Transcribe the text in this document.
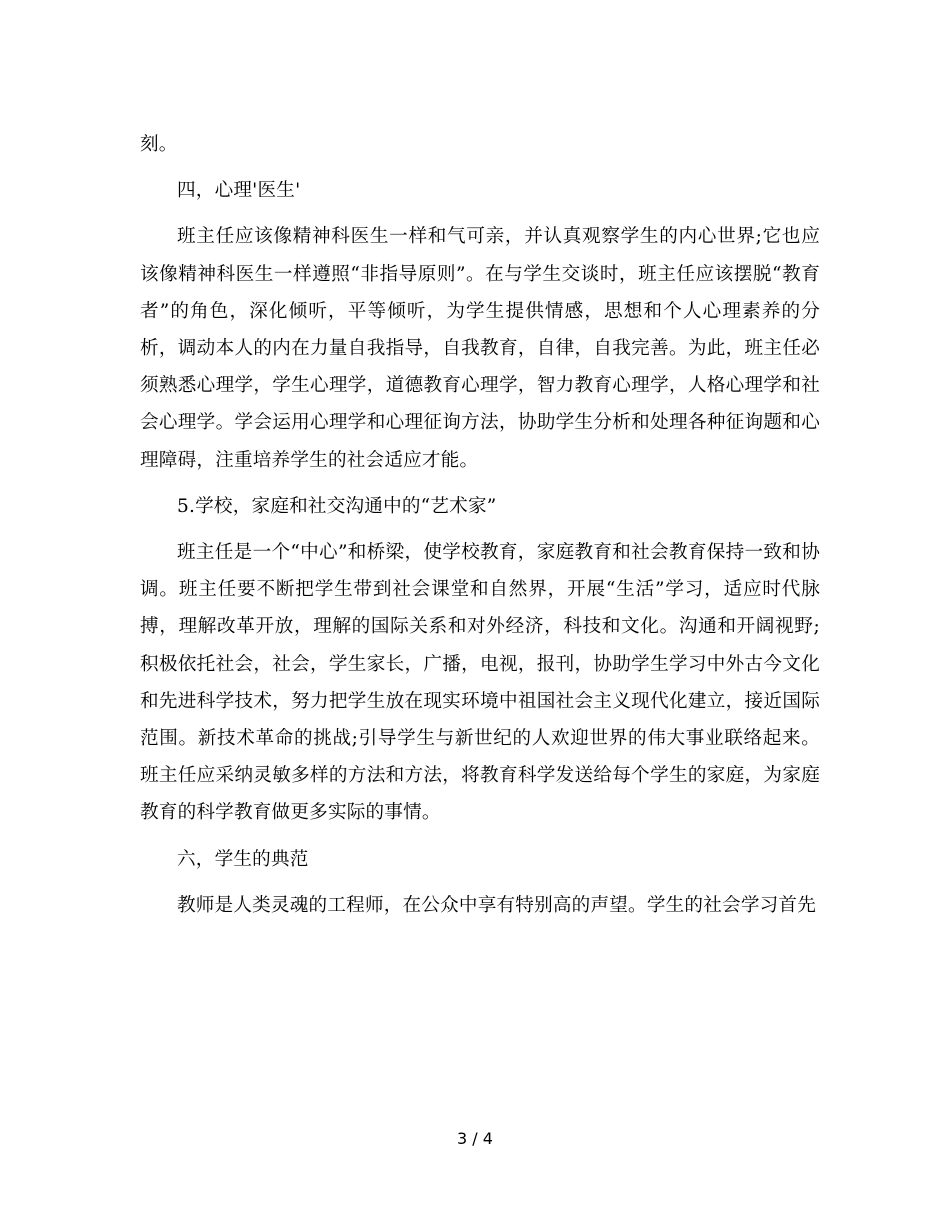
刻。

四，心理'医生'

班主任应该像精神科医生一样和气可亲，并认真观察学生的内心世界;它也应该像精神科医生一样遵照“非指导原则”。在与学生交谈时，班主任应该摆脱“教育者”的角色，深化倾听，平等倾听，为学生提供情感，思想和个人心理素养的分析，调动本人的内在力量自我指导，自我教育，自律，自我完善。为此，班主任必须熟悉心理学，学生心理学，道德教育心理学，智力教育心理学，人格心理学和社会心理学。学会运用心理学和心理征询方法，协助学生分析和处理各种征询题和心理障碍，注重培养学生的社会适应才能。

5.学校，家庭和社交沟通中的“艺术家”

班主任是一个“中心”和桥梁，使学校教育，家庭教育和社会教育保持一致和协调。班主任要不断把学生带到社会课堂和自然界，开展“生活”学习，适应时代脉搏，理解改革开放，理解的国际关系和对外经济，科技和文化。沟通和开阔视野;积极依托社会，社会，学生家长，广播，电视，报刊，协助学生学习中外古今文化和先进科学技术，努力把学生放在现实环境中祖国社会主义现代化建立，接近国际范围。新技术革命的挑战;引导学生与新世纪的人欢迎世界的伟大事业联络起来。班主任应采纳灵敏多样的方法和方法，将教育科学发送给每个学生的家庭，为家庭教育的科学教育做更多实际的事情。

六，学生的典范

教师是人类灵魂的工程师，在公众中享有特别高的声望。学生的社会学习首先

3 / 4
